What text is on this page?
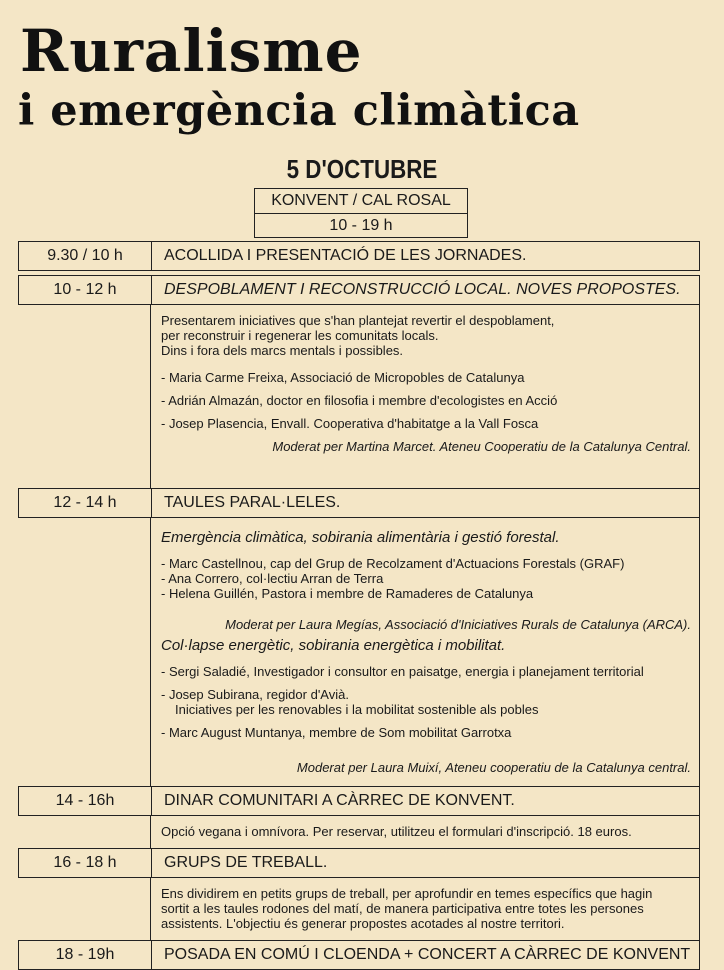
Ruralisme
i emergència climàtica
5 D'OCTUBRE
KONVENT / CAL ROSAL
10 - 19 h
9.30 / 10 h	ACOLLIDA I PRESENTACIÓ DE LES JORNADES.
10 - 12 h	DESPOBLAMENT I RECONSTRUCCIÓ LOCAL. NOVES PROPOSTES.

Presentarem iniciatives que s'han plantejat revertir el despoblament,

per reconstruir i regenerar les comunitats locals.

Dins i fora dels marcs mentals i possibles.

- Maria Carme Freixa, Associació de Micropobles de Catalunya

- Adrián Almazán, doctor en filosofia i membre d'ecologistes en Acció

- Josep Plasencia, Envall. Cooperativa d'habitatge a la Vall Fosca

Moderat per Martina Marcet. Ateneu Cooperatiu de la Catalunya Central.

12 - 14 h	TAULES PARAL·LELES.

Emergència climàtica, sobirania alimentària i gestió forestal.

- Marc Castellnou, cap del Grup de Recolzament d'Actuacions Forestals (GRAF)

- Ana Correro, col·lectiu Arran de Terra

- Helena Guillén, Pastora i membre de Ramaderes de Catalunya

Moderat per Laura Megías, Associació d'Iniciatives Rurals de Catalunya (ARCA).

Col·lapse energètic, sobirania energètica i mobilitat.

- Sergi Saladié, Investigador i consultor en paisatge, energia i planejament territorial

- Josep Subirana, regidor d'Avià.

Iniciatives per les renovables i la mobilitat sostenible als pobles

- Marc August Muntanya, membre de Som mobilitat Garrotxa

Moderat per Laura Muixí, Ateneu cooperatiu de la Catalunya central.

14 - 16h	DINAR COMUNITARI A CÀRREC DE KONVENT.

Opció vegana i omnívora. Per reservar, utilitzeu el formulari d'inscripció. 18 euros.

16 - 18 h	GRUPS DE TREBALL.

Ens dividirem en petits grups de treball, per aprofundir en temes específics que hagin

sortit a les taules rodones del matí, de manera participativa entre totes les persones

assistents. L'objectiu és generar propostes acotades al nostre territori.

18 - 19h	POSADA EN COMÚ I CLOENDA + CONCERT A CÀRREC DE KONVENT
